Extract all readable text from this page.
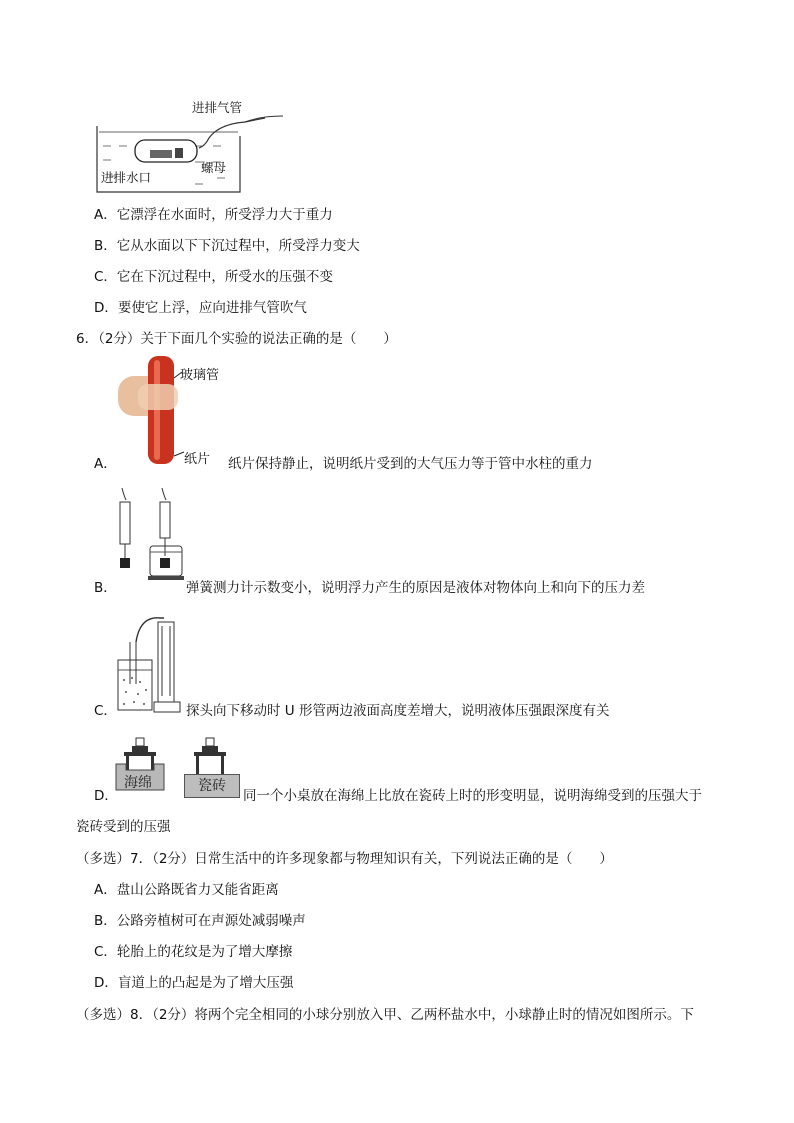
进排气管
螺母
进排水口
A．它漂浮在水面时，所受浮力大于重力
B．它从水面以下下沉过程中，所受浮力变大
C．它在下沉过程中，所受水的压强不变
D．要使它上浮，应向进排气管吹气
6．（2分）关于下面几个实验的说法正确的是（　　）
玻璃管
纸片
A．	纸片保持静止，说明纸片受到的大气压力等于管中水柱的重力
B．	弹簧测力计示数变小，说明浮力产生的原因是液体对物体向上和向下的压力差
C．	探头向下移动时 U 形管两边液面高度差增大，说明液体压强跟深度有关
瓷砖
海绵
D．	同一个小桌放在海绵上比放在瓷砖上时的形变明显，说明海绵受到的压强大于
瓷砖受到的压强
（多选）7．（2分）日常生活中的许多现象都与物理知识有关，下列说法正确的是（　　）
A．盘山公路既省力又能省距离
B．公路旁植树可在声源处减弱噪声
C．轮胎上的花纹是为了增大摩擦
D．盲道上的凸起是为了增大压强
（多选）8．（2分）将两个完全相同的小球分别放入甲、乙两杯盐水中，小球静止时的情况如图所示。下
